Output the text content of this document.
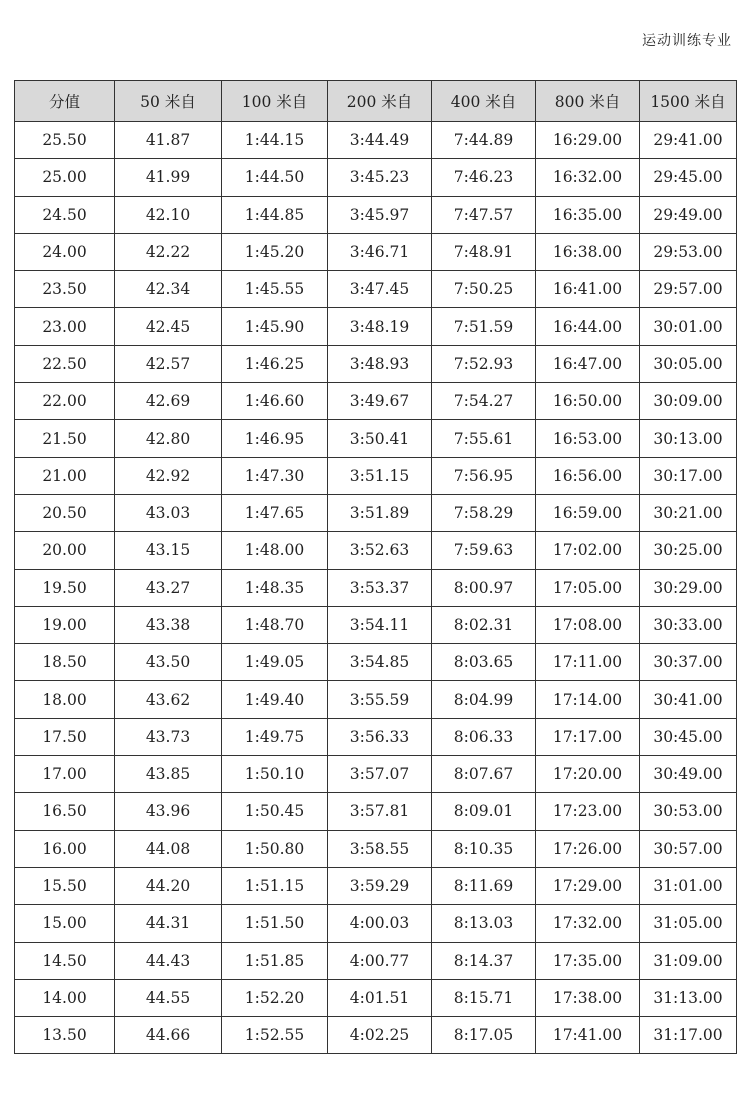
运动训练专业
分值	50 米自	100 米自	200 米自	400 米自	800 米自	1500 米自
25.50	41.87	1:44.15	3:44.49	7:44.89	16:29.00	29:41.00
25.00	41.99	1:44.50	3:45.23	7:46.23	16:32.00	29:45.00
24.50	42.10	1:44.85	3:45.97	7:47.57	16:35.00	29:49.00
24.00	42.22	1:45.20	3:46.71	7:48.91	16:38.00	29:53.00
23.50	42.34	1:45.55	3:47.45	7:50.25	16:41.00	29:57.00
23.00	42.45	1:45.90	3:48.19	7:51.59	16:44.00	30:01.00
22.50	42.57	1:46.25	3:48.93	7:52.93	16:47.00	30:05.00
22.00	42.69	1:46.60	3:49.67	7:54.27	16:50.00	30:09.00
21.50	42.80	1:46.95	3:50.41	7:55.61	16:53.00	30:13.00
21.00	42.92	1:47.30	3:51.15	7:56.95	16:56.00	30:17.00
20.50	43.03	1:47.65	3:51.89	7:58.29	16:59.00	30:21.00
20.00	43.15	1:48.00	3:52.63	7:59.63	17:02.00	30:25.00
19.50	43.27	1:48.35	3:53.37	8:00.97	17:05.00	30:29.00
19.00	43.38	1:48.70	3:54.11	8:02.31	17:08.00	30:33.00
18.50	43.50	1:49.05	3:54.85	8:03.65	17:11.00	30:37.00
18.00	43.62	1:49.40	3:55.59	8:04.99	17:14.00	30:41.00
17.50	43.73	1:49.75	3:56.33	8:06.33	17:17.00	30:45.00
17.00	43.85	1:50.10	3:57.07	8:07.67	17:20.00	30:49.00
16.50	43.96	1:50.45	3:57.81	8:09.01	17:23.00	30:53.00
16.00	44.08	1:50.80	3:58.55	8:10.35	17:26.00	30:57.00
15.50	44.20	1:51.15	3:59.29	8:11.69	17:29.00	31:01.00
15.00	44.31	1:51.50	4:00.03	8:13.03	17:32.00	31:05.00
14.50	44.43	1:51.85	4:00.77	8:14.37	17:35.00	31:09.00
14.00	44.55	1:52.20	4:01.51	8:15.71	17:38.00	31:13.00
13.50	44.66	1:52.55	4:02.25	8:17.05	17:41.00	31:17.00
